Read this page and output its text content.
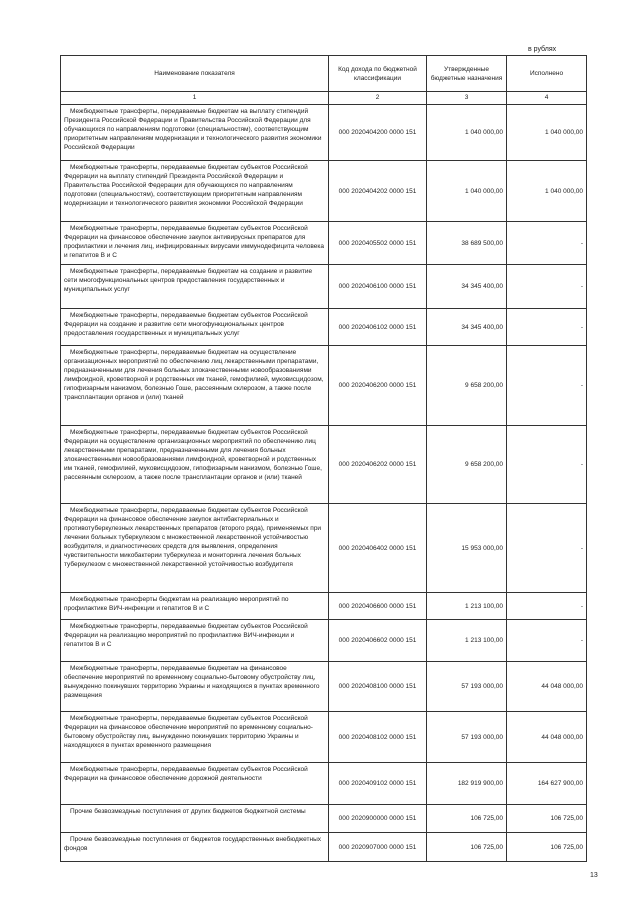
в рублях
Наименование показателя	Код дохода по бюджетной классификации	Утвержденные бюджетные назначения	Исполнено
1	2	3	4

Межбюджетные трансферты, передаваемые бюджетам на выплату стипендий Президента Российской Федерации и Правительства Российской Федерации для обучающихся по направлениям подготовки (специальностям), соответствующим приоритетным направлениям модернизации и технологического развития экономики Российской Федерации	000 2020404200 0000 151	1 040 000,00	1 040 000,00

Межбюджетные трансферты, передаваемые бюджетам субъектов Российской Федерации на выплату стипендий Президента Российской Федерации и Правительства Российской Федерации для обучающихся по направлениям подготовки (специальностям), соответствующим приоритетным направлениям модернизации и технологического развития экономики Российской Федерации	000 2020404202 0000 151	1 040 000,00	1 040 000,00

Межбюджетные трансферты, передаваемые бюджетам субъектов Российской Федерации на финансовое обеспечение закупок антивирусных препаратов для профилактики и лечения лиц, инфицированных вирусами иммунодефицита человека и гепатитов В и С	000 2020405502 0000 151	38 689 500,00	-

Межбюджетные трансферты, передаваемые бюджетам на создание и развитие сети многофункциональных центров предоставления государственных и муниципальных услуг	000 2020406100 0000 151	34 345 400,00	-

Межбюджетные трансферты, передаваемые бюджетам субъектов Российской Федерации на создание и развитие сети многофункциональных центров предоставления государственных и муниципальных услуг	000 2020406102 0000 151	34 345 400,00	-

Межбюджетные трансферты, передаваемые бюджетам на осуществление организационных мероприятий по обеспечению лиц лекарственными препаратами, предназначенными для лечения больных злокачественными новообразованиями лимфоидной, кроветворной и родственных им тканей, гемофилией, муковисцидозом, гипофизарным нанизмом, болезнью Гоше, рассеянным склерозом, а также после трансплантации органов и (или) тканей	000 2020406200 0000 151	9 658 200,00	-

Межбюджетные трансферты, передаваемые бюджетам субъектов Российской Федерации на осуществление организационных мероприятий по обеспечению лиц лекарственными препаратами, предназначенными для лечения больных злокачественными новообразованиями лимфоидной, кроветворной и родственных им тканей, гемофилией, муковисцидозом, гипофизарным нанизмом, болезнью Гоше, рассеянным склерозом, а также после трансплантации органов и (или) тканей	000 2020406202 0000 151	9 658 200,00	-

Межбюджетные трансферты, передаваемые бюджетам субъектов Российской Федерации на финансовое обеспечение закупок антибактериальных и противотуберкулезных лекарственных препаратов (второго ряда), применяемых при лечении больных туберкулезом с множественной лекарственной устойчивостью возбудителя, и диагностических средств для выявления, определения чувствительности микобактерии туберкулеза и мониторинга лечения больных туберкулезом с множественной лекарственной устойчивостью возбудителя	000 2020406402 0000 151	15 953 000,00	-

Межбюджетные трансферты бюджетам на реализацию мероприятий по профилактике ВИЧ-инфекции и гепатитов В и С	000 2020406600 0000 151	1 213 100,00	-

Межбюджетные трансферты, передаваемые бюджетам субъектов Российской Федерации на реализацию мероприятий по профилактике ВИЧ-инфекции и гепатитов В и С	000 2020406602 0000 151	1 213 100,00	-

Межбюджетные трансферты, передаваемые бюджетам на финансовое обеспечение мероприятий по временному социально-бытовому обустройству лиц, вынужденно покинувших территорию Украины и находящихся в пунктах временного размещения	000 2020408100 0000 151	57 193 000,00	44 048 000,00

Межбюджетные трансферты, передаваемые бюджетам субъектов Российской Федерации на финансовое обеспечение мероприятий по временному социально-бытовому обустройству лиц, вынужденно покинувших территорию Украины и находящихся в пунктах временного размещения	000 2020408102 0000 151	57 193 000,00	44 048 000,00

Межбюджетные трансферты, передаваемые бюджетам субъектов Российской Федерации на финансовое обеспечение дорожной деятельности	000 2020409102 0000 151	182 919 900,00	164 627 900,00

Прочие безвозмездные поступления от других бюджетов бюджетной системы	000 2020900000 0000 151	106 725,00	106 725,00

Прочие безвозмездные поступления от бюджетов государственных внебюджетных фондов	000 2020907000 0000 151	106 725,00	106 725,00
13
